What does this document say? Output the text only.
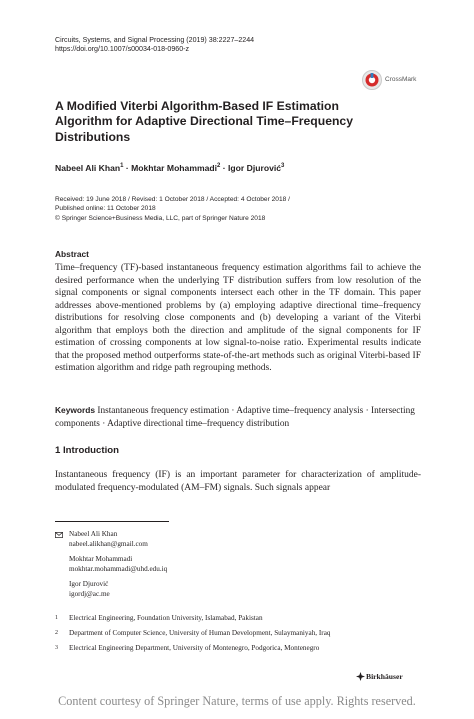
Circuits, Systems, and Signal Processing (2019) 38:2227–2244
https://doi.org/10.1007/s00034-018-0960-z
CrossMark
A Modified Viterbi Algorithm-Based IF Estimation Algorithm for Adaptive Directional Time–Frequency Distributions
Nabeel Ali Khan$^1$ · Mokhtar Mohammadi$^2$ · Igor Djurović$^3$
Received: 19 June 2018 / Revised: 1 October 2018 / Accepted: 4 October 2018 /
Published online: 11 October 2018
© Springer Science+Business Media, LLC, part of Springer Nature 2018
Abstract
Time–frequency (TF)-based instantaneous frequency estimation algorithms fail to achieve the desired performance when the underlying TF distribution suffers from low resolution of the signal components or signal components intersect each other in the TF domain. This paper addresses above-mentioned problems by (a) employing adaptive directional time–frequency distributions for resolving close components and (b) developing a variant of the Viterbi algorithm that employs both the direction and amplitude of the signal components for IF estimation of crossing components at low signal-to-noise ratio. Experimental results indicate that the proposed method outperforms state-of-the-art methods such as original Viterbi-based IF estimation algorithm and ridge path regrouping methods.
Keywords Instantaneous frequency estimation · Adaptive time–frequency analysis · Intersecting components · Adaptive directional time–frequency distribution
1 Introduction
Instantaneous frequency (IF) is an important parameter for characterization of amplitude-modulated frequency-modulated (AM–FM) signals. Such signals appear
Nabeel Ali Khan
nabeel.alikhan@gmail.com
Mokhtar Mohammadi
mokhtar.mohammadi@uhd.edu.iq
Igor Djurović
igordj@ac.me
1 Electrical Engineering, Foundation University, Islamabad, Pakistan
2 Department of Computer Science, University of Human Development, Sulaymaniyah, Iraq
3 Electrical Engineering Department, University of Montenegro, Podgorica, Montenegro
Birkhäuser
Content courtesy of Springer Nature, terms of use apply. Rights reserved.
